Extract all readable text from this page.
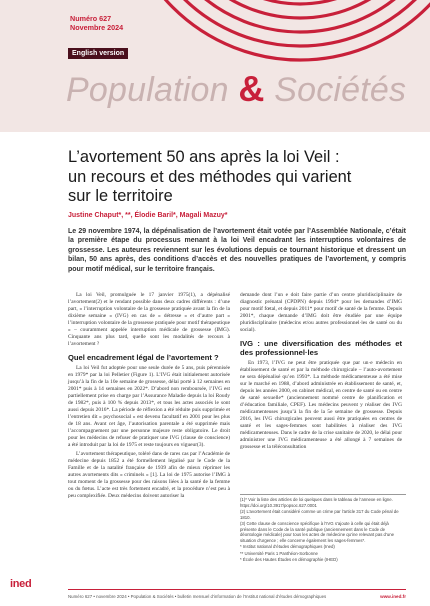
Numéro 627
Novembre 2024
English version
Population & Sociétés
L’avortement 50 ans après la loi Veil :
un recours et des méthodes qui varient
sur le territoire
Justine Chaput*, **, Élodie Baril*, Magali Mazuy*
Le 29 novembre 1974, la dépénalisation de l’avortement était votée par l’Assemblée Nationale, c’était la première étape du processus menant à la loi Veil encadrant les interruptions volontaires de grossesse. Les auteures reviennent sur les évolutions depuis ce tournant historique et dressent un bilan, 50 ans après, des conditions d’accès et des nouvelles pratiques de l’avortement, y compris pour motif médical, sur le territoire français.

La loi Veil, promulguée le 17 janvier 1975(1), a dépénalisé l’avortement(2) et le rendant possible dans deux cadres différents : d’une part, « l’interruption volontaire de la grossesse pratiquée avant la fin de la dixième semaine » (IVG) en cas de « détresse » et d’autre part « l’interruption volontaire de la grossesse pratiquée pour motif thérapeutique » – couramment appelée interruption médicale de grossesse (IMG). Cinquante ans plus tard, quelle sont les modalités de recours à l’avortement ?

Quel encadrement légal de l’avortement ?

La loi Veil fut adoptée pour une seule durée de 5 ans, puis pérennisée en 1979* par la loi Pelletier (Figure 1). L’IVG était initialement autorisée jusqu’à la fin de la 10e semaine de grossesse, délai porté à 12 semaines en 2001* puis à 14 semaines en 2022*. D’abord non remboursée, l’IVG est partiellement prise en charge par l’Assurance Maladie depuis la loi Roudy de 1982*, puis à 100 % depuis 2013*, et tous les actes associés le sont aussi depuis 2016*. La période de réflexion a été réduite puis supprimée et l’entretien dit « psychosocial » est devenu facultatif en 2001 pour les plus de 18 ans. Avant cet âge, l’autorisation parentale a été supprimée mais l’accompagnement par une personne majeure reste obligatoire. Le droit pour les médecins de refuser de pratiquer une IVG (clause de conscience) a été introduit par la loi de 1975 et reste toujours en vigueur(3).

L’avortement thérapeutique, toléré dans de rares cas par l’Académie de médecine depuis 1852 a été formellement légalisé par le Code de la Famille et de la natalité française de 1939 afin de mieux réprimer les autres avortements dits « criminels » [1]. La loi de 1975 autorise l’IMG à tout moment de la grossesse pour des raisons liées à la santé de la femme ou du fœtus. L’acte est très fortement encadré, et la procédure n’est peu à peu complexifiée. Deux médecins doivent autoriser la

demande dont l’un e doit faire partie d’un centre pluridisciplinaire de diagnostic prénatal (CPDPN) depuis 1994* pour les demandes d’IMG pour motif fœtal, et depuis 2011* pour motif de santé de la femme. Depuis 2001*, chaque demande d’IMG doit être étudiée par une équipe pluridisciplinaire (médecins et/ou autres professionnel·les de santé ou du social).

IVG : une diversification des méthodes et des professionnel·les

En 1973, l’IVG ne peut être pratiquée que par un·e médecin en établissement de santé et par la méthode chirurgicale – l’auto-avortement ne sera dépénalisé qu’en 1993*. La méthode médicamenteuse a été mise sur le marché en 1988, d’abord administrée en établissement de santé, et, depuis les années 2000, en cabinet médical, en centre de santé ou en centre de santé sexuelle* (anciennement nommé centre de planification et d’éducation familiale, CPEF). Les médecins peuvent y réaliser des IVG médicamenteuses jusqu’à la fin de la 5e semaine de grossesse. Depuis 2016, les IVG chirurgicales peuvent aussi être pratiquées en centres de santé et les sages-femmes sont habilitées à réaliser des IVG médicamenteuses. Dans le cadre de la crise sanitaire de 2020, le délai pour administrer une IVG médicamenteuse a été allongé à 7 semaines de grossesse et la téléconsultation

(1)* Voir la liste des articles de loi quelques dans le tableau de l’annexe en ligne. https://doi.org/10.3917/popsoc.627.0001
(2) L’avortement était considéré comme un crime par l’article 317 du Code pénal de 1810.
(3) Cette clause de conscience spécifique à l’IVG s’ajoute à celle qui était déjà présente dans le Code de la santé publique (anciennement dans le Code de déontologie médicale) pour tous les actes de médecine qu’ine relevant pas d’une situation d’urgence ; elle concerne également les sages-femmes*.
* Institut national d’études démographiques (Ined)
** Université Paris 1 Panthéon-Sorbonne
* École des Hautes Études en démographie (IHED)
ined
Numéro 627 • novembre 2024 • Population & Sociétés • bulletin mensuel d’information de l’Institut national d’études démographiques	www.ined.fr
